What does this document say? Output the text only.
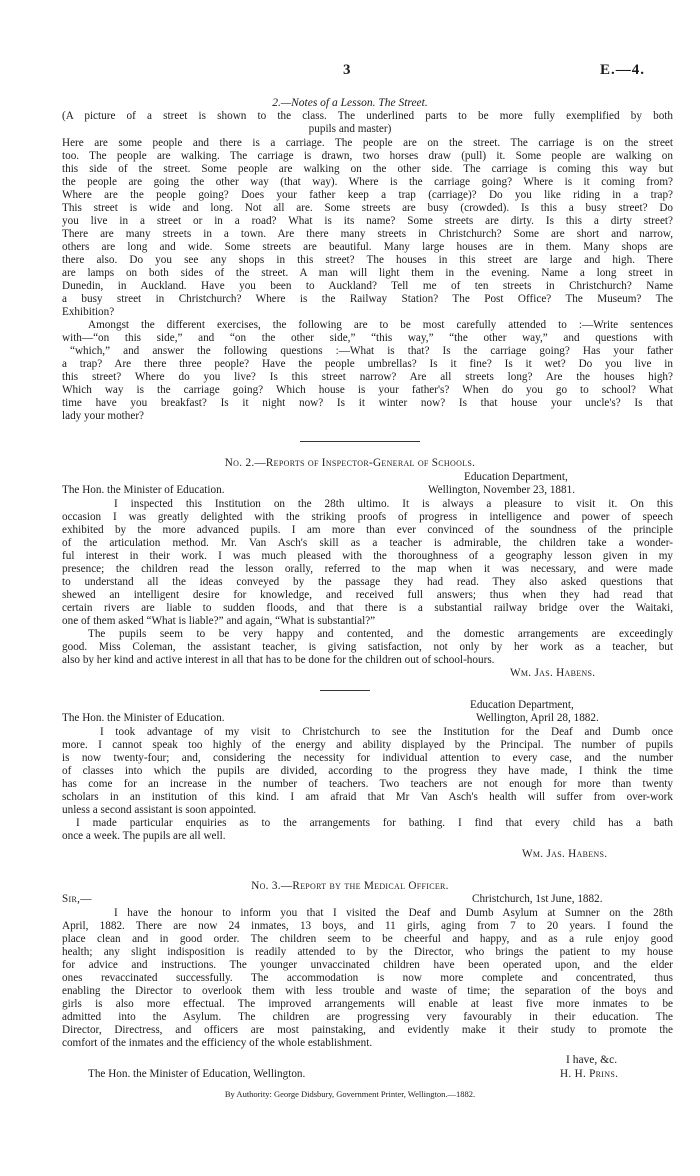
3	E.—4.
2.—Notes of a Lesson. The Street.
(A picture of a street is shown to the class. The underlined parts to be more fully exemplified by both
pupils and master)
Here are some people and there is a carriage. The people are on the street. The carriage is on the street
too. The people are walking. The carriage is drawn, two horses draw (pull) it. Some people are walking on
this side of the street. Some people are walking on the other side. The carriage is coming this way but
the people are going the other way (that way). Where is the carriage going? Where is it coming from?
Where are the people going? Does your father keep a trap (carriage)? Do you like riding in a trap?
This street is wide and long. Not all are. Some streets are busy (crowded). Is this a busy street? Do
you live in a street or in a road? What is its name? Some streets are dirty. Is this a dirty street?
There are many streets in a town. Are there many streets in Christchurch? Some are short and narrow,
others are long and wide. Some streets are beautiful. Many large houses are in them. Many shops are
there also. Do you see any shops in this street? The houses in this street are large and high. There
are lamps on both sides of the street. A man will light them in the evening. Name a long street in
Dunedin, in Auckland. Have you been to Auckland? Tell me of ten streets in Christchurch? Name
a busy street in Christchurch? Where is the Railway Station? The Post Office? The Museum? The
Exhibition?
Amongst the different exercises, the following are to be most carefully attended to :—Write sentences
with—“on this side,” and “on the other side,” “this way,” “the other way,” and questions with
“which,” and answer the following questions :—What is that? Is the carriage going? Has your father
a trap? Are there three people? Have the people umbrellas? Is it fine? Is it wet? Do you live in
this street? Where do you live? Is this street narrow? Are all streets long? Are the houses high?
Which way is the carriage going? Which house is your father's? When do you go to school? What
time have you breakfast? Is it night now? Is it winter now? Is that house your uncle's? Is that
lady your mother?
No. 2.—Reports of Inspector-General of Schools.
Education Department,
The Hon. the Minister of Education.	Wellington, November 23, 1881.
I inspected this Institution on the 28th ultimo. It is always a pleasure to visit it. On this
occasion I was greatly delighted with the striking proofs of progress in intelligence and power of speech
exhibited by the more advanced pupils. I am more than ever convinced of the soundness of the principle
of the articulation method. Mr. Van Asch's skill as a teacher is admirable, the children take a wonder-
ful interest in their work. I was much pleased with the thoroughness of a geography lesson given in my
presence; the children read the lesson orally, referred to the map when it was necessary, and were made
to understand all the ideas conveyed by the passage they had read. They also asked questions that
shewed an intelligent desire for knowledge, and received full answers; thus when they had read that
certain rivers are liable to sudden floods, and that there is a substantial railway bridge over the Waitaki,
one of them asked “What is liable?” and again, “What is substantial?”
The pupils seem to be very happy and contented, and the domestic arrangements are exceedingly
good. Miss Coleman, the assistant teacher, is giving satisfaction, not only by her work as a teacher, but
also by her kind and active interest in all that has to be done for the children out of school-hours.
Wm. Jas. Habens.
Education Department,
The Hon. the Minister of Education.	Wellington, April 28, 1882.
I took advantage of my visit to Christchurch to see the Institution for the Deaf and Dumb once
more. I cannot speak too highly of the energy and ability displayed by the Principal. The number of pupils
is now twenty-four; and, considering the necessity for individual attention to every case, and the number
of classes into which the pupils are divided, according to the progress they have made, I think the time
has come for an increase in the number of teachers. Two teachers are not enough for more than twenty
scholars in an institution of this kind. I am afraid that Mr Van Asch's health will suffer from over-work
unless a second assistant is soon appointed.
I made particular enquiries as to the arrangements for bathing. I find that every child has a bath
once a week. The pupils are all well.
Wm. Jas. Habens.
No. 3.—Report by the Medical Officer.
Sir,—	Christchurch, 1st June, 1882.
I have the honour to inform you that I visited the Deaf and Dumb Asylum at Sumner on the 28th
April, 1882. There are now 24 inmates, 13 boys, and 11 girls, aging from 7 to 20 years. I found the
place clean and in good order. The children seem to be cheerful and happy, and as a rule enjoy good
health; any slight indisposition is readily attended to by the Director, who brings the patient to my house
for advice and instructions. The younger unvaccinated children have been operated upon, and the elder
ones revaccinated successfully. The accommodation is now more complete and concentrated, thus
enabling the Director to overlook them with less trouble and waste of time; the separation of the boys and
girls is also more effectual. The improved arrangements will enable at least five more inmates to be
admitted into the Asylum. The children are progressing very favourably in their education. The
Director, Directress, and officers are most painstaking, and evidently make it their study to promote the
comfort of the inmates and the efficiency of the whole establishment.
I have, &c.
The Hon. the Minister of Education, Wellington.	H. H. Prins.
By Authority: George Didsbury, Government Printer, Wellington.—1882.
